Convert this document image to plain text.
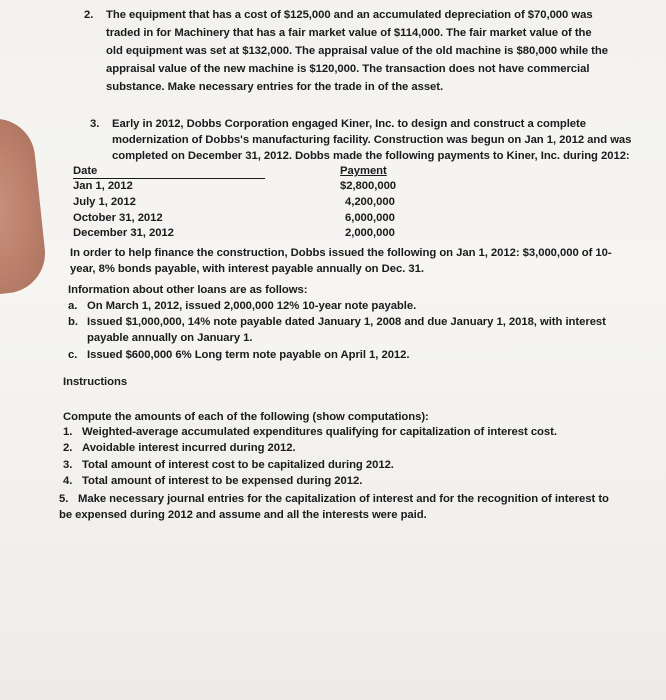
2. The equipment that has a cost of $125,000 and an accumulated depreciation of $70,000 was
traded in for Machinery that has a fair market value of $114,000. The fair market value of the
old equipment was set at $132,000. The appraisal value of the old machine is $80,000 while the
appraisal value of the new machine is $120,000. The transaction does not have commercial
substance. Make necessary entries for the trade in of the asset.
3. Early in 2012, Dobbs Corporation engaged Kiner, Inc. to design and construct a complete
modernization of Dobbs's manufacturing facility. Construction was begun on Jan 1, 2012 and was
completed on December 31, 2012. Dobbs made the following payments to Kiner, Inc. during 2012:
Date	Payment
Jan 1, 2012	$2,800,000
July 1, 2012	4,200,000
October 31, 2012	6,000,000
December 31, 2012	2,000,000
In order to help finance the construction, Dobbs issued the following on Jan 1, 2012: $3,000,000 of 10-
year, 8% bonds payable, with interest payable annually on Dec. 31.
Information about other loans are as follows:
a. On March 1, 2012, issued 2,000,000 12% 10-year note payable.
b. Issued $1,000,000, 14% note payable dated January 1, 2008 and due January 1, 2018, with interest
payable annually on January 1.
c. Issued $600,000 6% Long term note payable on April 1, 2012.
Instructions
Compute the amounts of each of the following (show computations):
1. Weighted-average accumulated expenditures qualifying for capitalization of interest cost.
2. Avoidable interest incurred during 2012.
3. Total amount of interest cost to be capitalized during 2012.
4. Total amount of interest to be expensed during 2012.
5. Make necessary journal entries for the capitalization of interest and for the recognition of interest to
be expensed during 2012 and assume and all the interests were paid.
